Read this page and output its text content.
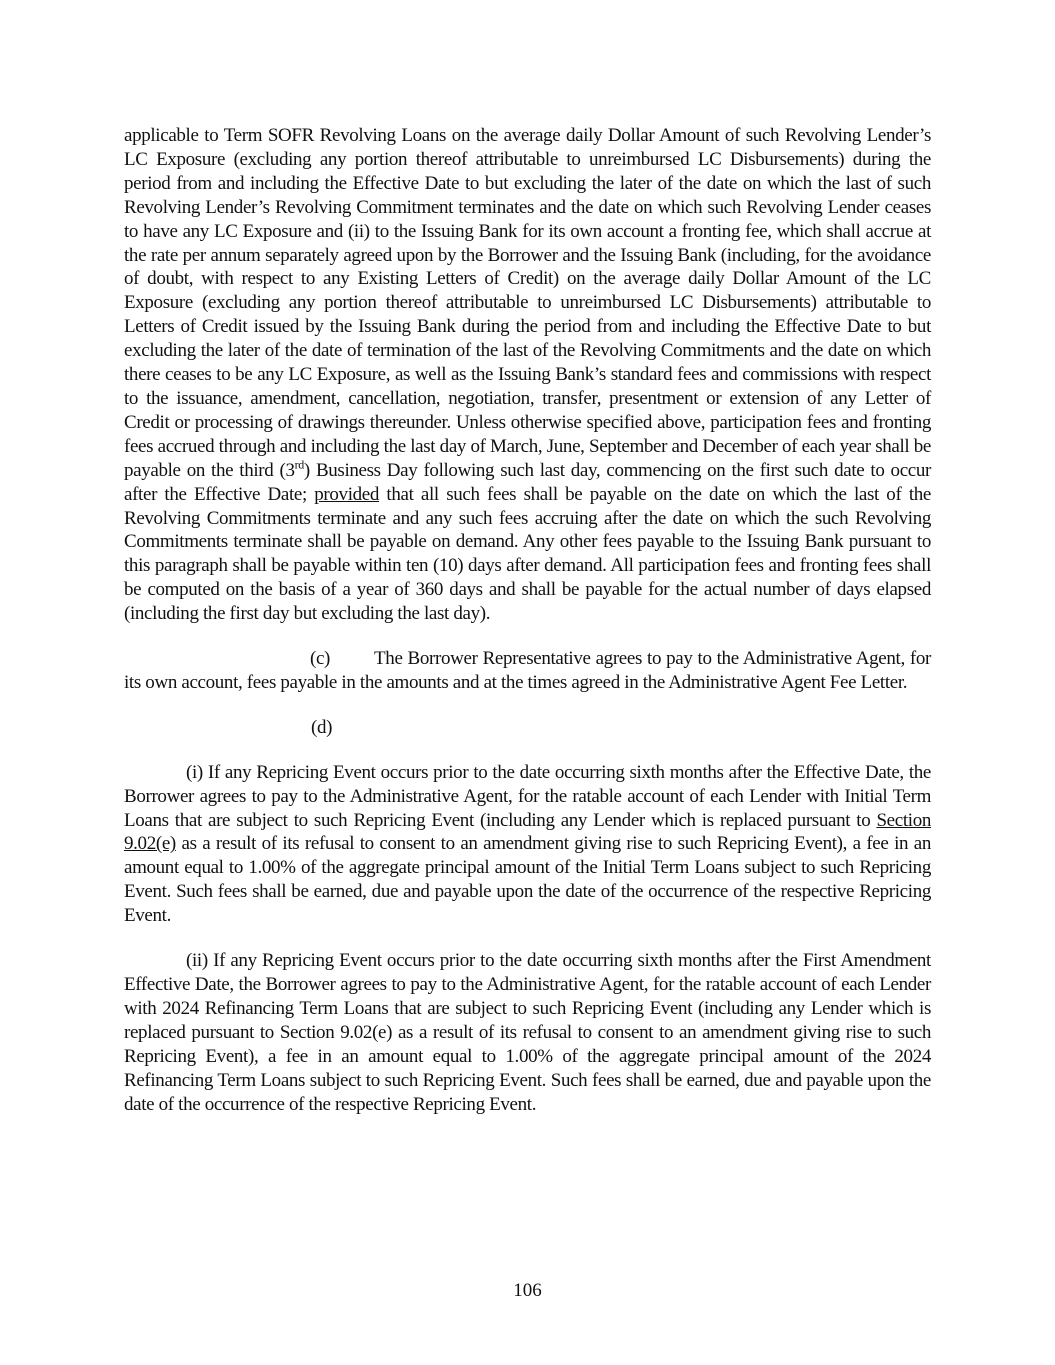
applicable to Term SOFR Revolving Loans on the average daily Dollar Amount of such Revolving Lender’s LC Exposure (excluding any portion thereof attributable to unreimbursed LC Disbursements) during the period from and including the Effective Date to but excluding the later of the date on which the last of such Revolving Lender’s Revolving Commitment terminates and the date on which such Revolving Lender ceases to have any LC Exposure and (ii) to the Issuing Bank for its own account a fronting fee, which shall accrue at the rate per annum separately agreed upon by the Borrower and the Issuing Bank (including, for the avoidance of doubt, with respect to any Existing Letters of Credit) on the average daily Dollar Amount of the LC Exposure (excluding any portion thereof attributable to unreimbursed LC Disbursements) attributable to Letters of Credit issued by the Issuing Bank during the period from and including the Effective Date to but excluding the later of the date of termination of the last of the Revolving Commitments and the date on which there ceases to be any LC Exposure, as well as the Issuing Bank’s standard fees and commissions with respect to the issuance, amendment, cancellation, negotiation, transfer, presentment or extension of any Letter of Credit or processing of drawings thereunder. Unless otherwise specified above, participation fees and fronting fees accrued through and including the last day of March, June, September and December of each year shall be payable on the third (3rd) Business Day following such last day, commencing on the first such date to occur after the Effective Date; provided that all such fees shall be payable on the date on which the last of the Revolving Commitments terminate and any such fees accruing after the date on which the such Revolving Commitments terminate shall be payable on demand. Any other fees payable to the Issuing Bank pursuant to this paragraph shall be payable within ten (10) days after demand. All participation fees and fronting fees shall be computed on the basis of a year of 360 days and shall be payable for the actual number of days elapsed (including the first day but excluding the last day).

(c) The Borrower Representative agrees to pay to the Administrative Agent, for its own account, fees payable in the amounts and at the times agreed in the Administrative Agent Fee Letter.

(d)

(i) If any Repricing Event occurs prior to the date occurring sixth months after the Effective Date, the Borrower agrees to pay to the Administrative Agent, for the ratable account of each Lender with Initial Term Loans that are subject to such Repricing Event (including any Lender which is replaced pursuant to Section 9.02(e) as a result of its refusal to consent to an amendment giving rise to such Repricing Event), a fee in an amount equal to 1.00% of the aggregate principal amount of the Initial Term Loans subject to such Repricing Event. Such fees shall be earned, due and payable upon the date of the occurrence of the respective Repricing Event.

(ii) If any Repricing Event occurs prior to the date occurring sixth months after the First Amendment Effective Date, the Borrower agrees to pay to the Administrative Agent, for the ratable account of each Lender with 2024 Refinancing Term Loans that are subject to such Repricing Event (including any Lender which is replaced pursuant to Section 9.02(e) as a result of its refusal to consent to an amendment giving rise to such Repricing Event), a fee in an amount equal to 1.00% of the aggregate principal amount of the 2024 Refinancing Term Loans subject to such Repricing Event. Such fees shall be earned, due and payable upon the date of the occurrence of the respective Repricing Event.

106
